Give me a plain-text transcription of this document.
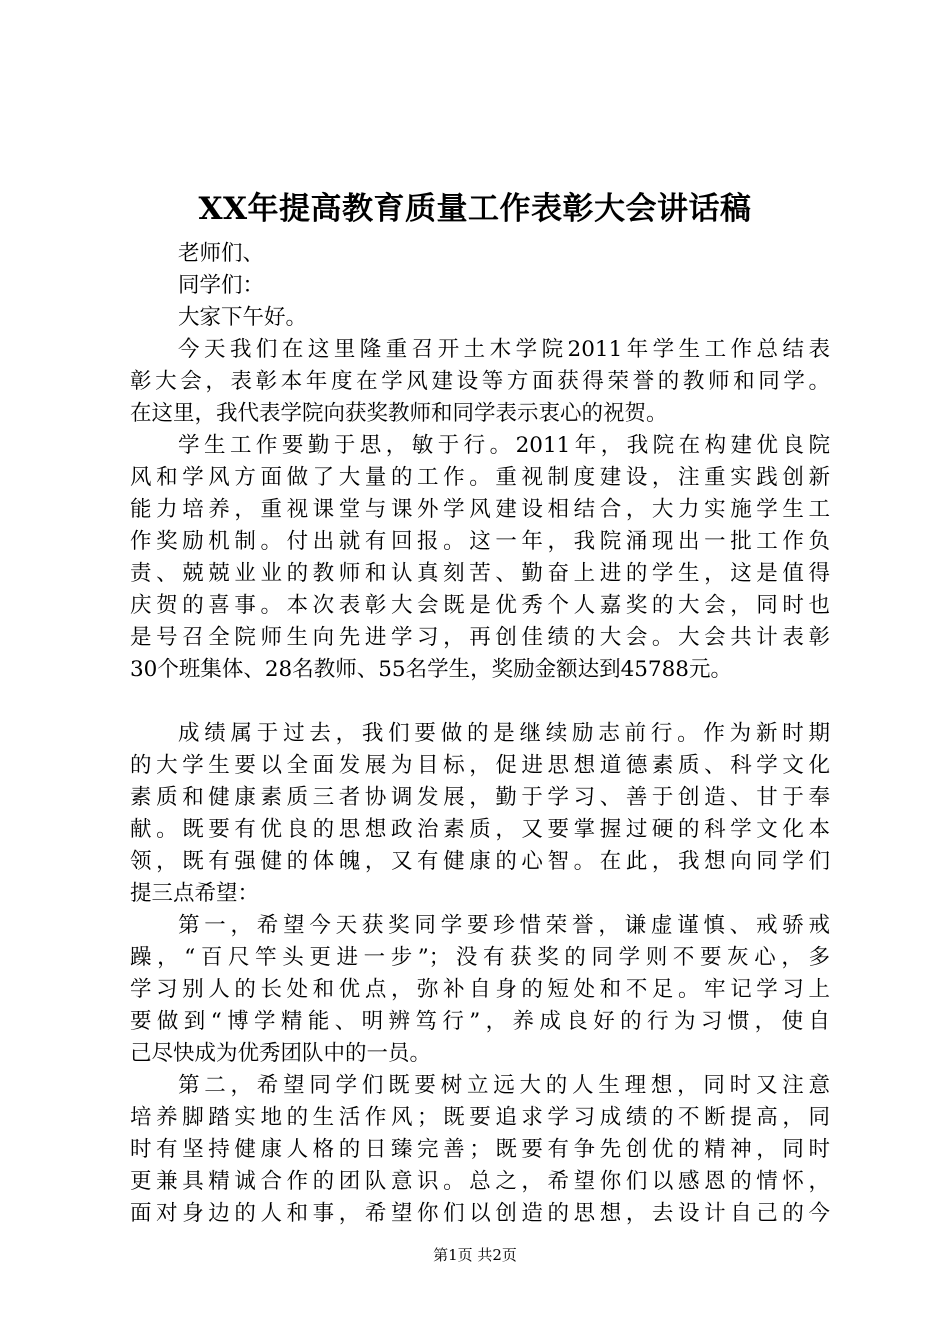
XX年提高教育质量工作表彰大会讲话稿
老师们、
同学们：
大家下午好。
今天我们在这里隆重召开土木学院2011年学生工作总结表
彰大会，表彰本年度在学风建设等方面获得荣誉的教师和同学。
在这里，我代表学院向获奖教师和同学表示衷心的祝贺。
学生工作要勤于思，敏于行。2011年，我院在构建优良院
风和学风方面做了大量的工作。重视制度建设，注重实践创新
能力培养，重视课堂与课外学风建设相结合，大力实施学生工
作奖励机制。付出就有回报。这一年，我院涌现出一批工作负
责、兢兢业业的教师和认真刻苦、勤奋上进的学生，这是值得
庆贺的喜事。本次表彰大会既是优秀个人嘉奖的大会，同时也
是号召全院师生向先进学习，再创佳绩的大会。大会共计表彰
30个班集体、28名教师、55名学生，奖励金额达到45788元。
成绩属于过去，我们要做的是继续励志前行。作为新时期
的大学生要以全面发展为目标，促进思想道德素质、科学文化
素质和健康素质三者协调发展，勤于学习、善于创造、甘于奉
献。既要有优良的思想政治素质，又要掌握过硬的科学文化本
领，既有强健的体魄，又有健康的心智。在此，我想向同学们
提三点希望：
第一，希望今天获奖同学要珍惜荣誉，谦虚谨慎、戒骄戒
躁，“百尺竿头更进一步”；没有获奖的同学则不要灰心，多
学习别人的长处和优点，弥补自身的短处和不足。牢记学习上
要做到“博学精能、明辨笃行”，养成良好的行为习惯，使自
己尽快成为优秀团队中的一员。
第二，希望同学们既要树立远大的人生理想，同时又注意
培养脚踏实地的生活作风；既要追求学习成绩的不断提高，同
时有坚持健康人格的日臻完善；既要有争先创优的精神，同时
更兼具精诚合作的团队意识。总之，希望你们以感恩的情怀，
面对身边的人和事，希望你们以创造的思想，去设计自己的今
第1页 共2页
